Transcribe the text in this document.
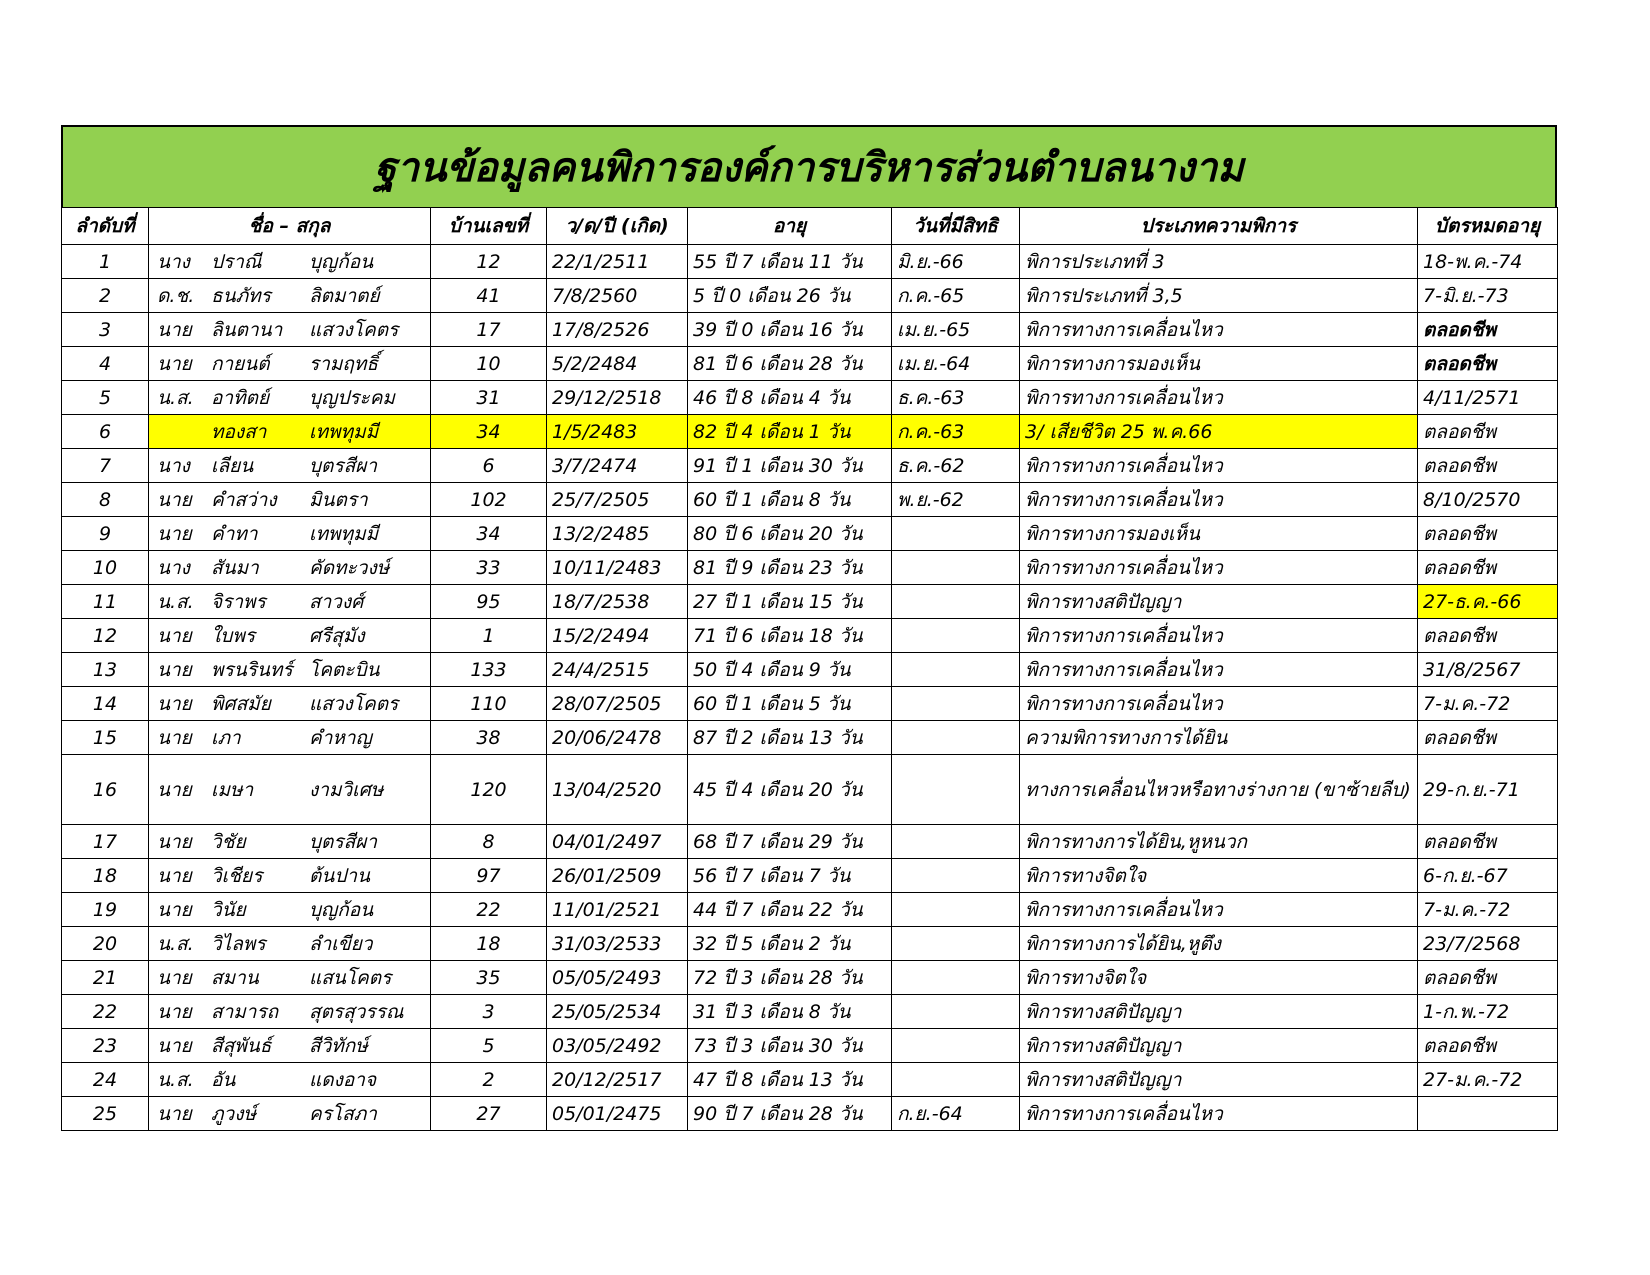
ฐานข้อมูลคนพิการองค์การบริหารส่วนตำบลนางาม
ลำดับที่	ชื่อ – สกุล	บ้านเลขที่	ว/ด/ปี (เกิด)	อายุ	วันที่มีสิทธิ	ประเภทความพิการ	บัตรหมดอายุ
1	นาง ปราณี บุญก้อน	12	22/1/2511	55 ปี 7 เดือน 11 วัน	มิ.ย.-66	พิการประเภทที่ 3	18-พ.ค.-74
2	ด.ช. ธนภัทร ลิตมาตย์	41	7/8/2560	5 ปี 0 เดือน 26 วัน	ก.ค.-65	พิการประเภทที่ 3,5	7-มิ.ย.-73
3	นาย ลินตานา แสวงโคตร	17	17/8/2526	39 ปี 0 เดือน 16 วัน	เม.ย.-65	พิการทางการเคลื่อนไหว	ตลอดชีพ
4	นาย กายนต์ รามฤทธิ์	10	5/2/2484	81 ปี 6 เดือน 28 วัน	เม.ย.-64	พิการทางการมองเห็น	ตลอดชีพ
5	น.ส. อาทิตย์ บุญประคม	31	29/12/2518	46 ปี 8 เดือน 4 วัน	ธ.ค.-63	พิการทางการเคลื่อนไหว	4/11/2571
6	ทองสา เทพทุมมี	34	1/5/2483	82 ปี 4 เดือน 1 วัน	ก.ค.-63	3/ เสียชีวิต 25 พ.ค.66	ตลอดชีพ
7	นาง เลียน บุตรสีผา	6	3/7/2474	91 ปี 1 เดือน 30 วัน	ธ.ค.-62	พิการทางการเคลื่อนไหว	ตลอดชีพ
8	นาย คำสว่าง มินตรา	102	25/7/2505	60 ปี 1 เดือน 8 วัน	พ.ย.-62	พิการทางการเคลื่อนไหว	8/10/2570
9	นาย คำทา เทพทุมมี	34	13/2/2485	80 ปี 6 เดือน 20 วัน		พิการทางการมองเห็น	ตลอดชีพ
10	นาง สันมา คัดทะวงษ์	33	10/11/2483	81 ปี 9 เดือน 23 วัน		พิการทางการเคลื่อนไหว	ตลอดชีพ
11	น.ส. จิราพร สาวงศ์	95	18/7/2538	27 ปี 1 เดือน 15 วัน		พิการทางสติปัญญา	27-ธ.ค.-66
12	นาย ใบพร ศรีสุมัง	1	15/2/2494	71 ปี 6 เดือน 18 วัน		พิการทางการเคลื่อนไหว	ตลอดชีพ
13	นาย พรนรินทร์ โคตะบิน	133	24/4/2515	50 ปี 4 เดือน 9 วัน		พิการทางการเคลื่อนไหว	31/8/2567
14	นาย พิศสมัย แสวงโคตร	110	28/07/2505	60 ปี 1 เดือน 5 วัน		พิการทางการเคลื่อนไหว	7-ม.ค.-72
15	นาย เภา คำหาญ	38	20/06/2478	87 ปี 2 เดือน 13 วัน		ความพิการทางการได้ยิน	ตลอดชีพ
16	นาย เมษา งามวิเศษ	120	13/04/2520	45 ปี 4 เดือน 20 วัน		ทางการเคลื่อนไหวหรือทางร่างกาย (ขาซ้ายลีบ)	29-ก.ย.-71
17	นาย วิชัย บุตรสีผา	8	04/01/2497	68 ปี 7 เดือน 29 วัน		พิการทางการได้ยิน,หูหนวก	ตลอดชีพ
18	นาย วิเชียร ต้นปาน	97	26/01/2509	56 ปี 7 เดือน 7 วัน		พิการทางจิตใจ	6-ก.ย.-67
19	นาย วินัย บุญก้อน	22	11/01/2521	44 ปี 7 เดือน 22 วัน		พิการทางการเคลื่อนไหว	7-ม.ค.-72
20	น.ส. วิไลพร ลำเขียว	18	31/03/2533	32 ปี 5 เดือน 2 วัน		พิการทางการได้ยิน,หูตึง	23/7/2568
21	นาย สมาน แสนโคตร	35	05/05/2493	72 ปี 3 เดือน 28 วัน		พิการทางจิตใจ	ตลอดชีพ
22	นาย สามารถ สุตรสุวรรณ	3	25/05/2534	31 ปี 3 เดือน 8 วัน		พิการทางสติปัญญา	1-ก.พ.-72
23	นาย สีสุพันธ์ สีวิทักษ์	5	03/05/2492	73 ปี 3 เดือน 30 วัน		พิการทางสติปัญญา	ตลอดชีพ
24	น.ส. อัน แดงอาจ	2	20/12/2517	47 ปี 8 เดือน 13 วัน		พิการทางสติปัญญา	27-ม.ค.-72
25	นาย ภูวงษ์ ครโสภา	27	05/01/2475	90 ปี 7 เดือน 28 วัน	ก.ย.-64	พิการทางการเคลื่อนไหว	
